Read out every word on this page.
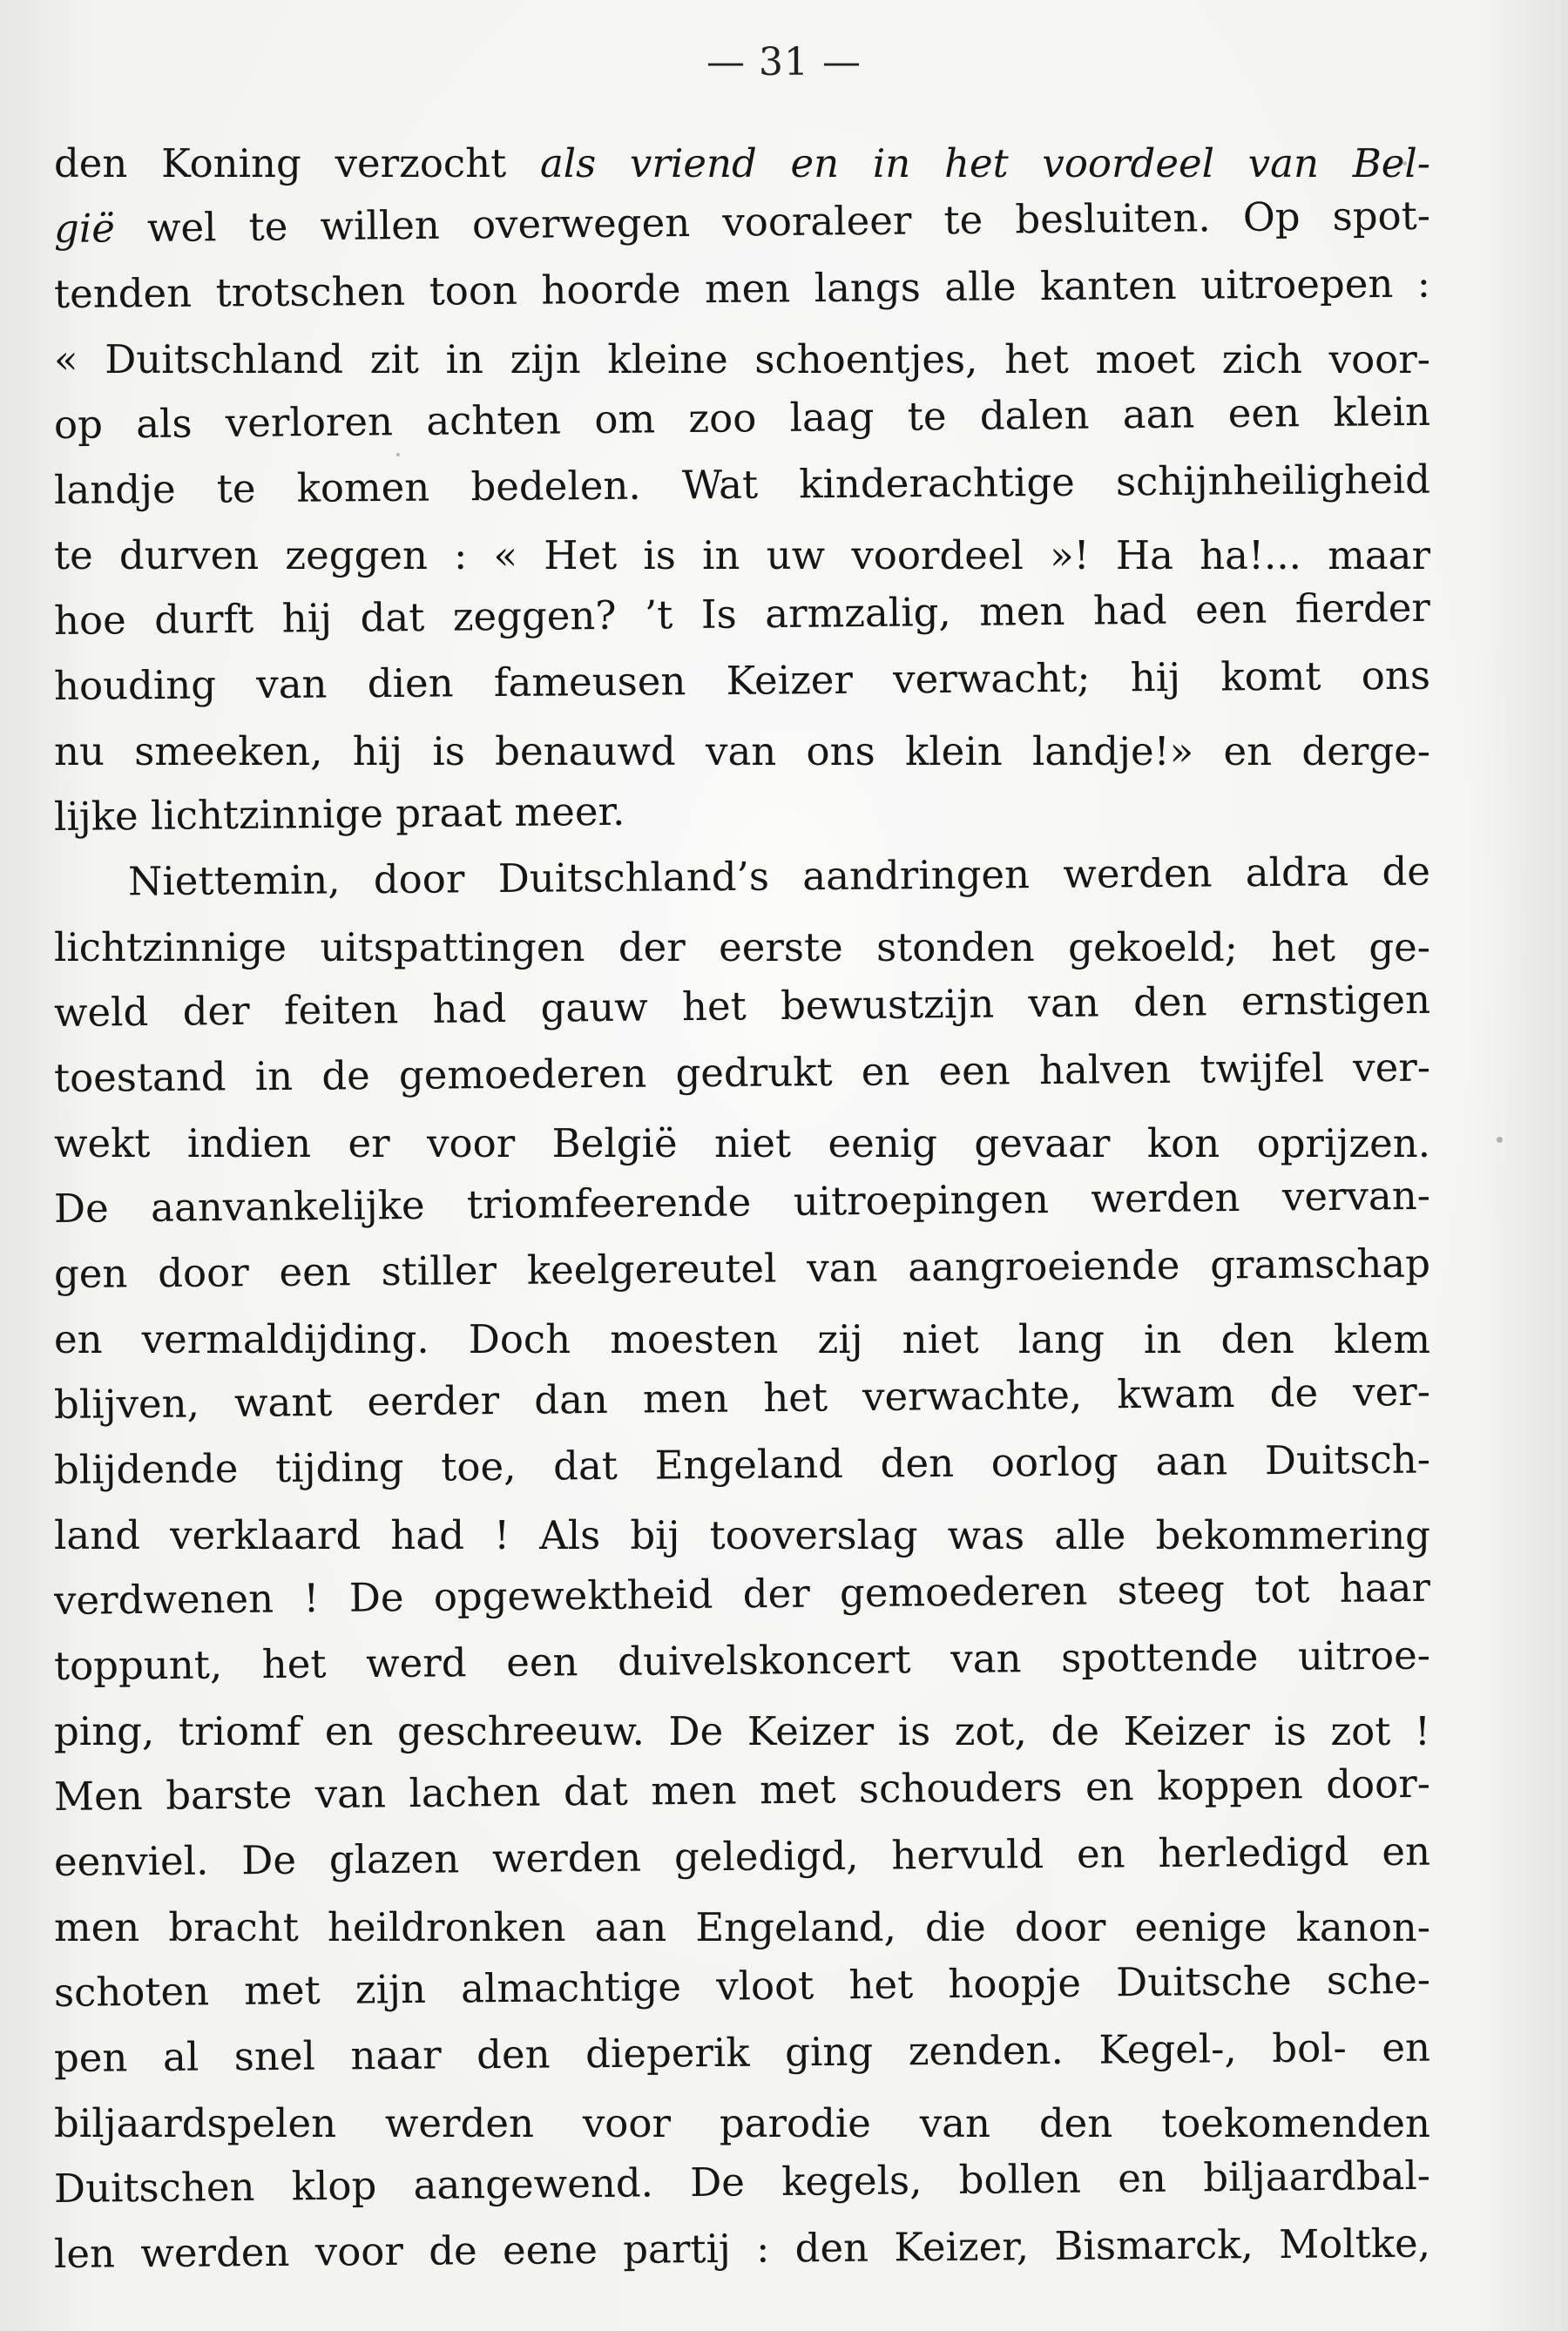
— 31 —
den Koning verzocht als vriend en in het voordeel van Bel-
gië wel te willen overwegen vooraleer te besluiten. Op spot-
tenden trotschen toon hoorde men langs alle kanten uitroepen :
« Duitschland zit in zijn kleine schoentjes, het moet zich voor-
op als verloren achten om zoo laag te dalen aan een klein
landje te komen bedelen. Wat kinderachtige schijnheiligheid
te durven zeggen : « Het is in uw voordeel »! Ha ha!... maar
hoe durft hij dat zeggen? ’t Is armzalig, men had een fierder
houding van dien fameusen Keizer verwacht; hij komt ons
nu smeeken, hij is benauwd van ons klein landje!» en derge-
lijke lichtzinnige praat meer.
Niettemin, door Duitschland’s aandringen werden aldra de
lichtzinnige uitspattingen der eerste stonden gekoeld; het ge-
weld der feiten had gauw het bewustzijn van den ernstigen
toestand in de gemoederen gedrukt en een halven twijfel ver-
wekt indien er voor België niet eenig gevaar kon oprijzen.
De aanvankelijke triomfeerende uitroepingen werden vervan-
gen door een stiller keelgereutel van aangroeiende gramschap
en vermaldijding. Doch moesten zij niet lang in den klem
blijven, want eerder dan men het verwachte, kwam de ver-
blijdende tijding toe, dat Engeland den oorlog aan Duitsch-
land verklaard had ! Als bij tooverslag was alle bekommering
verdwenen ! De opgewektheid der gemoederen steeg tot haar
toppunt, het werd een duivelskoncert van spottende uitroe-
ping, triomf en geschreeuw. De Keizer is zot, de Keizer is zot !
Men barste van lachen dat men met schouders en koppen door-
eenviel. De glazen werden geledigd, hervuld en herledigd en
men bracht heildronken aan Engeland, die door eenige kanon-
schoten met zijn almachtige vloot het hoopje Duitsche sche-
pen al snel naar den dieperik ging zenden. Kegel-, bol- en
biljaardspelen werden voor parodie van den toekomenden
Duitschen klop aangewend. De kegels, bollen en biljaardbal-
len werden voor de eene partij : den Keizer, Bismarck, Moltke,
